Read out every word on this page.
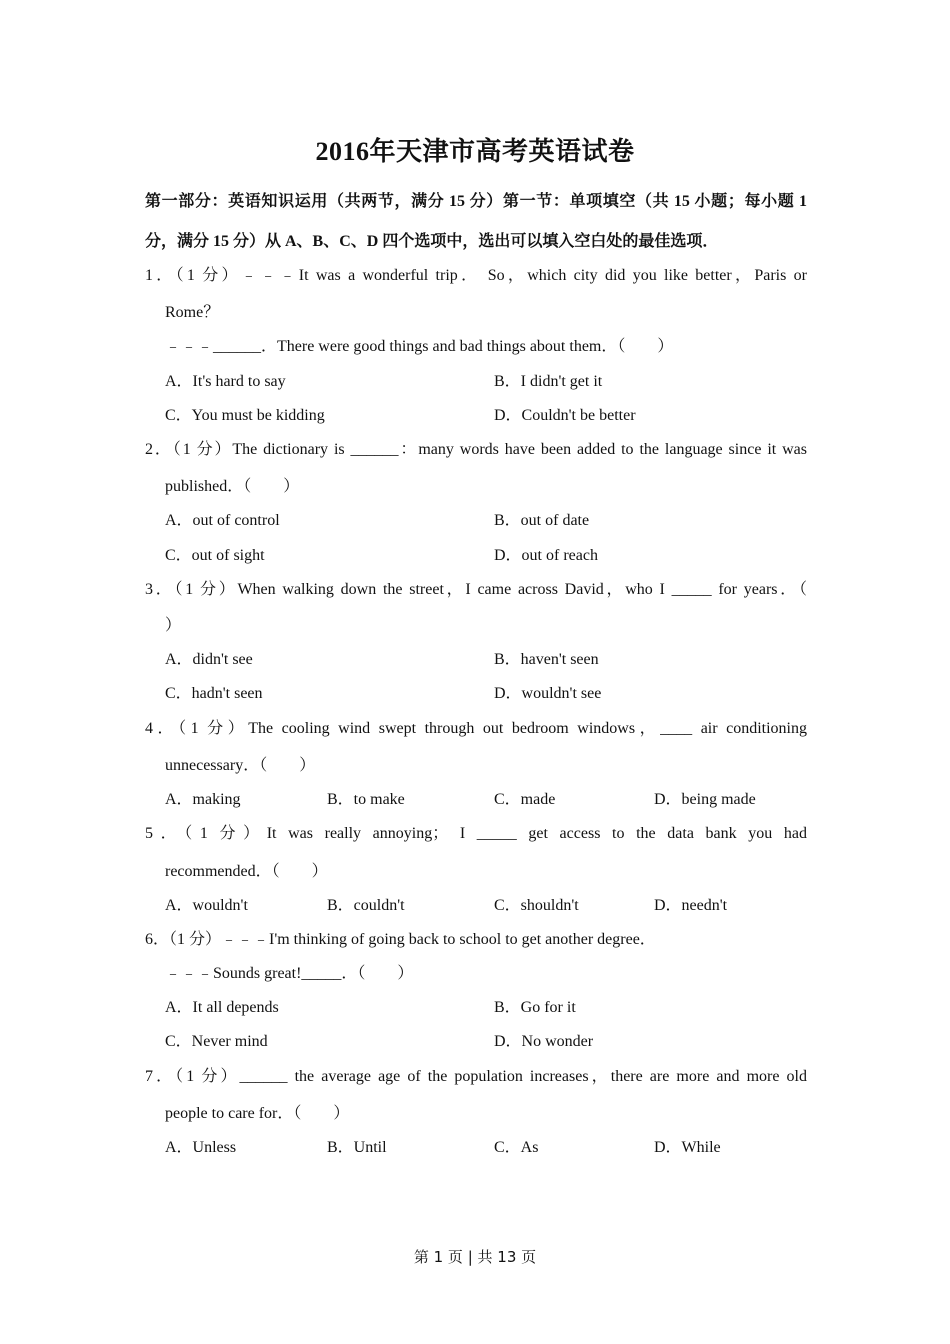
2016年天津市高考英语试卷
第一部分：英语知识运用（共两节，满分 15 分）第一节：单项填空（共 15 小题；每小题 1
分，满分 15 分）从 A、B、C、D 四个选项中，选出可以填入空白处的最佳选项．
1．（1 分）﹣﹣﹣It was a wonderful trip． So，which city did you like better，Paris or
Rome？
﹣﹣﹣______．There were good things and bad things about them．（　　）
A．It's hard to say	B．I didn't get it
C．You must be kidding	D．Couldn't be better
2．（1 分）The dictionary is ______：many words have been added to the language since it was
published．（　　）
A．out of control	B．out of date
C．out of sight	D．out of reach
3．（1 分）When walking down the street，I came across David，who I _____ for years．（
）
A．didn't see	B．haven't seen
C．hadn't seen	D．wouldn't see
4．（1 分）The cooling wind swept through out bedroom windows，____ air conditioning
unnecessary．（　　）
A．making	B．to make	C．made	D．being made
5．（1 分）It was really annoying； I _____ get access to the data bank you had
recommended．（　　）
A．wouldn't	B．couldn't	C．shouldn't	D．needn't
6．（1 分）﹣﹣﹣I'm thinking of going back to school to get another degree．
﹣﹣﹣Sounds great!_____．（　　）
A．It all depends	B．Go for it
C．Never mind	D．No wonder
7．（1 分）______ the average age of the population increases，there are more and more old
people to care for．（　　）
A．Unless	B．Until	C．As	D．While
第 1 页 | 共 13 页
